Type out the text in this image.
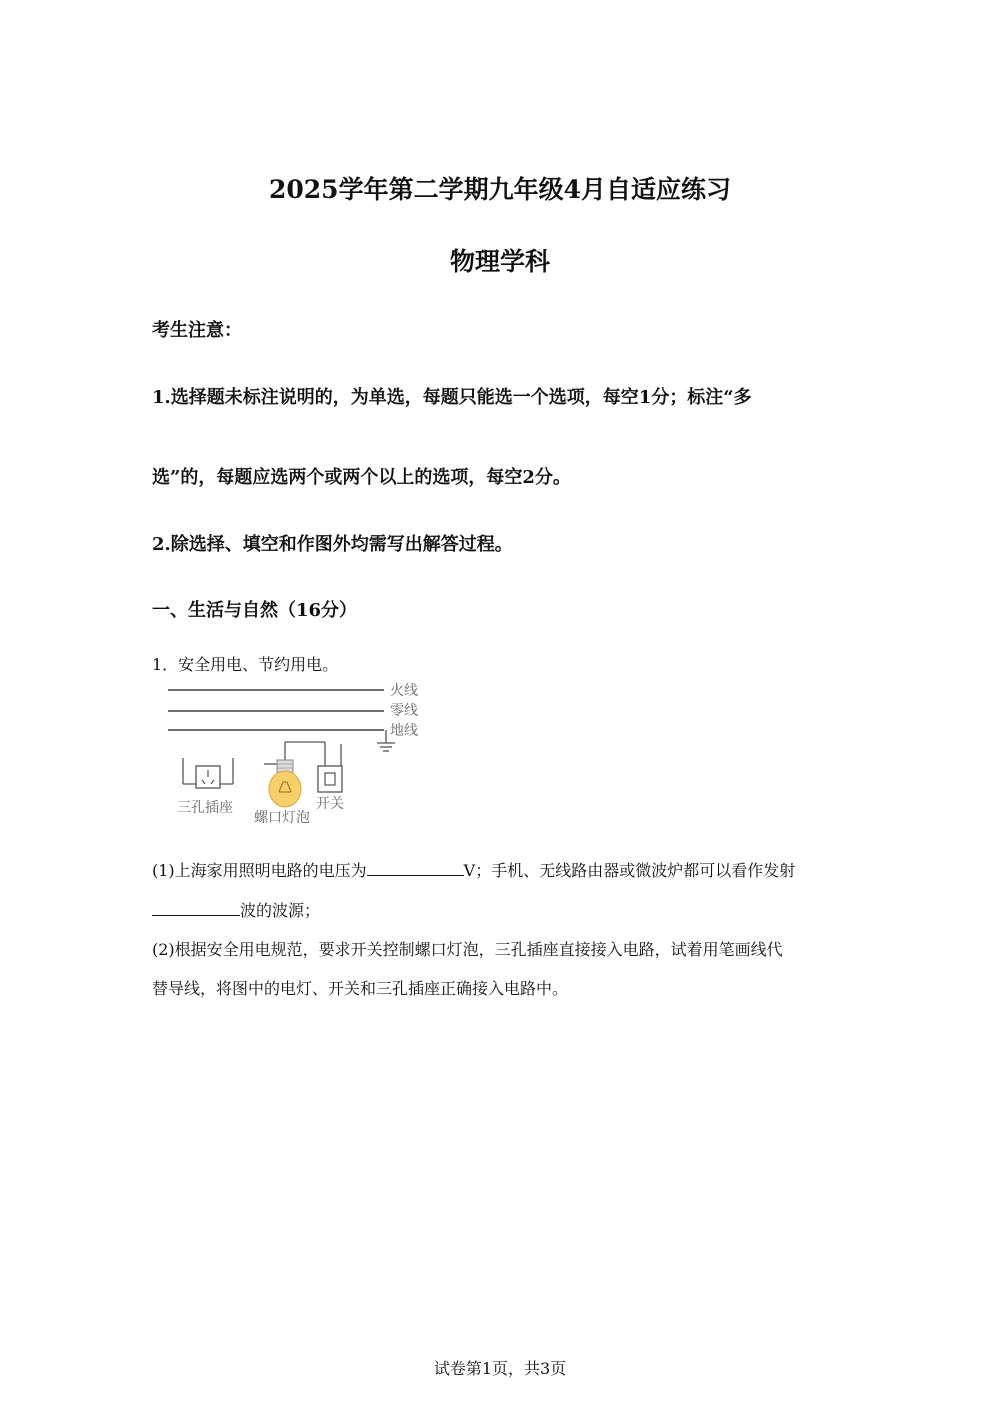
2025学年第二学期九年级4月自适应练习
物理学科
考生注意：
1.选择题未标注说明的，为单选，每题只能选一个选项，每空1分；标注“多
选”的，每题应选两个或两个以上的选项，每空2分。
2.除选择、填空和作图外均需写出解答过程。
一、生活与自然（16分）
1．安全用电、节约用电。
火线
零线
地线
三孔插座
螺口灯泡
开关
(1)上海家用照明电路的电压为	V；手机、无线路由器或微波炉都可以看作发射
波的波源；
(2)根据安全用电规范，要求开关控制螺口灯泡，三孔插座直接接入电路，试着用笔画线代
替导线，将图中的电灯、开关和三孔插座正确接入电路中。
试卷第1页，共3页
